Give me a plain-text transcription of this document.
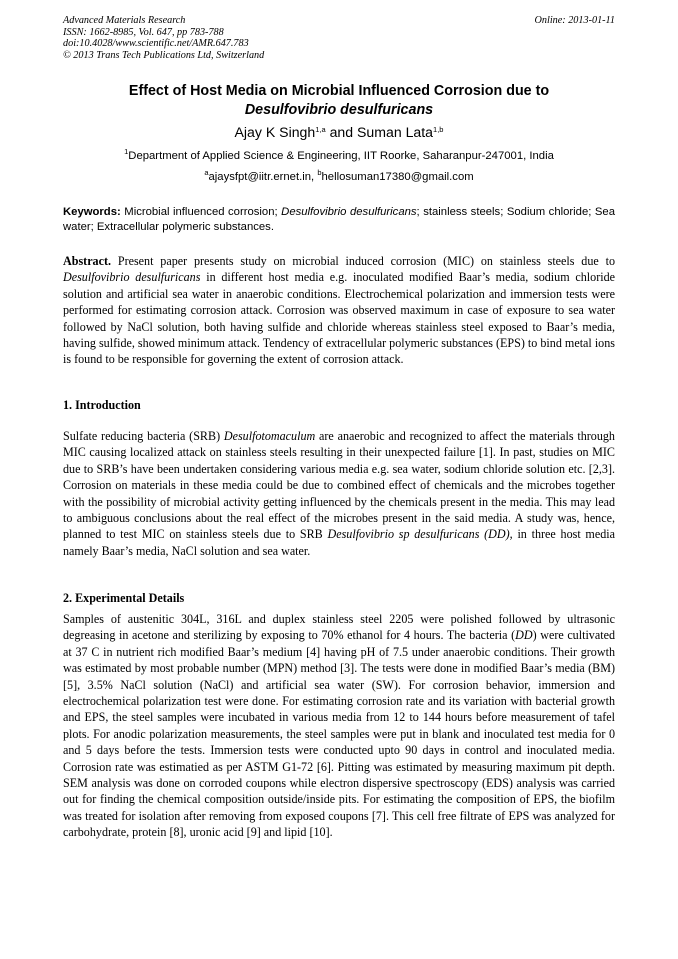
Advanced Materials Research
ISSN: 1662-8985, Vol. 647, pp 783-788
doi:10.4028/www.scientific.net/AMR.647.783
© 2013 Trans Tech Publications Ltd, Switzerland
Online: 2013-01-11
Effect of Host Media on Microbial Influenced Corrosion due to
Desulfovibrio desulfuricans
Ajay K Singh$^{1,a}$ and Suman Lata$^{1,b}$
$^1$Department of Applied Science & Engineering, IIT Roorke, Saharanpur-247001, India
$^a$ajaysfpt@iitr.ernet.in, $^b$hellosuman17380@gmail.com
Keywords: Microbial influenced corrosion; Desulfovibrio desulfuricans; stainless steels; Sodium chloride; Sea water; Extracellular polymeric substances.
Abstract. Present paper presents study on microbial induced corrosion (MIC) on stainless steels due to Desulfovibrio desulfuricans in different host media e.g. inoculated modified Baar’s media, sodium chloride solution and artificial sea water in anaerobic conditions. Electrochemical polarization and immersion tests were performed for estimating corrosion attack. Corrosion was observed maximum in case of exposure to sea water followed by NaCl solution, both having sulfide and chloride whereas stainless steel exposed to Baar’s media, having sulfide, showed minimum attack. Tendency of extracellular polymeric substances (EPS) to bind metal ions is found to be responsible for governing the extent of corrosion attack.
1. Introduction
Sulfate reducing bacteria (SRB) Desulfotomaculum are anaerobic and recognized to affect the materials through MIC causing localized attack on stainless steels resulting in their unexpected failure [1]. In past, studies on MIC due to SRB’s have been undertaken considering various media e.g. sea water, sodium chloride solution etc. [2,3]. Corrosion on materials in these media could be due to combined effect of chemicals and the microbes together with the possibility of microbial activity getting influenced by the chemicals present in the media. This may lead to ambiguous conclusions about the real effect of the microbes present in the said media. A study was, hence, planned to test MIC on stainless steels due to SRB Desulfovibrio sp desulfuricans (DD), in three host media namely Baar’s media, NaCl solution and sea water.
2. Experimental Details
Samples of austenitic 304L, 316L and duplex stainless steel 2205 were polished followed by ultrasonic degreasing in acetone and sterilizing by exposing to 70% ethanol for 4 hours. The bacteria (DD) were cultivated at 37 C in nutrient rich modified Baar’s medium [4] having pH of 7.5 under anaerobic conditions. Their growth was estimated by most probable number (MPN) method [3]. The tests were done in modified Baar’s media (BM) [5], 3.5% NaCl solution (NaCl) and artificial sea water (SW). For corrosion behavior, immersion and electrochemical polarization test were done. For estimating corrosion rate and its variation with bacterial growth and EPS, the steel samples were incubated in various media from 12 to 144 hours before measurement of tafel plots. For anodic polarization measurements, the steel samples were put in blank and inoculated test media for 0 and 5 days before the tests. Immersion tests were conducted upto 90 days in control and inoculated media. Corrosion rate was estimatied as per ASTM G1-72 [6]. Pitting was estimated by measuring maximum pit depth. SEM analysis was done on corroded coupons while electron dispersive spectroscopy (EDS) analysis was carried out for finding the chemical composition outside/inside pits. For estimating the composition of EPS, the biofilm was treated for isolation after removing from exposed coupons [7]. This cell free filtrate of EPS was analyzed for carbohydrate, protein [8], uronic acid [9] and lipid [10].
